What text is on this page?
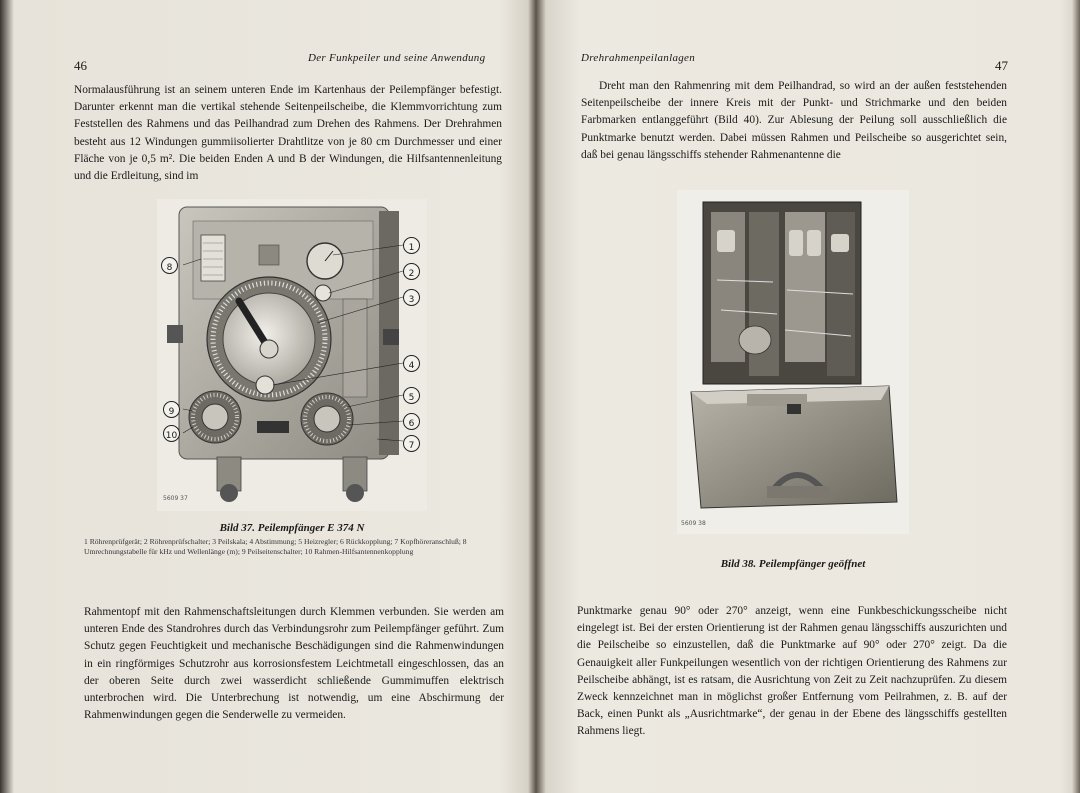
46	Der Funkpeiler und seine Anwendung

Normalausführung ist an seinem unteren Ende im Kartenhaus der Peilempfänger befestigt. Darunter erkennt man die vertikal stehende Seitenpeilscheibe, die Klemmvorrichtung zum Feststellen des Rahmens und das Peilhandrad zum Drehen des Rahmens. Der Drehrahmen besteht aus 12 Windungen gummiisolierter Drahtlitze von je 80 cm Durchmesser und einer Fläche von je 0,5 m². Die beiden Enden A und B der Windungen, die Hilfsantennenleitung und die Erdleitung, sind im

1
2
3
4
5
6
7
8
9
10
5609 37
Bild 37. Peilempfänger E 374 N
1 Röhrenprüfgerät; 2 Röhrenprüfschalter; 3 Peilskala; 4 Abstimmung; 5 Heizregler; 6 Rückkopplung; 7 Kopfhöreranschluß; 8 Umrechnungstabelle für kHz und Wellenlänge (m); 9 Peilseitenschalter; 10 Rahmen-Hilfsantennenkopplung

Rahmentopf mit den Rahmenschaftsleitungen durch Klemmen verbunden. Sie werden am unteren Ende des Standrohres durch das Verbindungsrohr zum Peilempfänger geführt. Zum Schutz gegen Feuchtigkeit und mechanische Beschädigungen sind die Rahmenwindungen in ein ringförmiges Schutzrohr aus korrosionsfestem Leichtmetall eingeschlossen, das an der oberen Seite durch zwei wasserdicht schließende Gummimuffen elektrisch unterbrochen wird. Die Unterbrechung ist notwendig, um eine Abschirmung der Rahmenwindungen gegen die Senderwelle zu vermeiden.

Drehrahmenpeilanlagen	47

Dreht man den Rahmenring mit dem Peilhandrad, so wird an der außen feststehenden Seitenpeilscheibe der innere Kreis mit der Punkt- und Strichmarke und den beiden Farbmarken entlanggeführt (Bild 40). Zur Ablesung der Peilung soll ausschließlich die Punktmarke benutzt werden. Dabei müssen Rahmen und Peilscheibe so ausgerichtet sein, daß bei genau längsschiffs stehender Rahmenantenne die

5609 38
Bild 38. Peilempfänger geöffnet

Punktmarke genau 90° oder 270° anzeigt, wenn eine Funkbeschickungsscheibe nicht eingelegt ist. Bei der ersten Orientierung ist der Rahmen genau längsschiffs auszurichten und die Peilscheibe so einzustellen, daß die Punktmarke auf 90° oder 270° zeigt. Da die Genauigkeit aller Funkpeilungen wesentlich von der richtigen Orientierung des Rahmens zur Peilscheibe abhängt, ist es ratsam, die Ausrichtung von Zeit zu Zeit nachzuprüfen. Zu diesem Zweck kennzeichnet man in möglichst großer Entfernung vom Peilrahmen, z. B. auf der Back, einen Punkt als „Ausrichtmarke“, der genau in der Ebene des längsschiffs gestellten Rahmens liegt.
